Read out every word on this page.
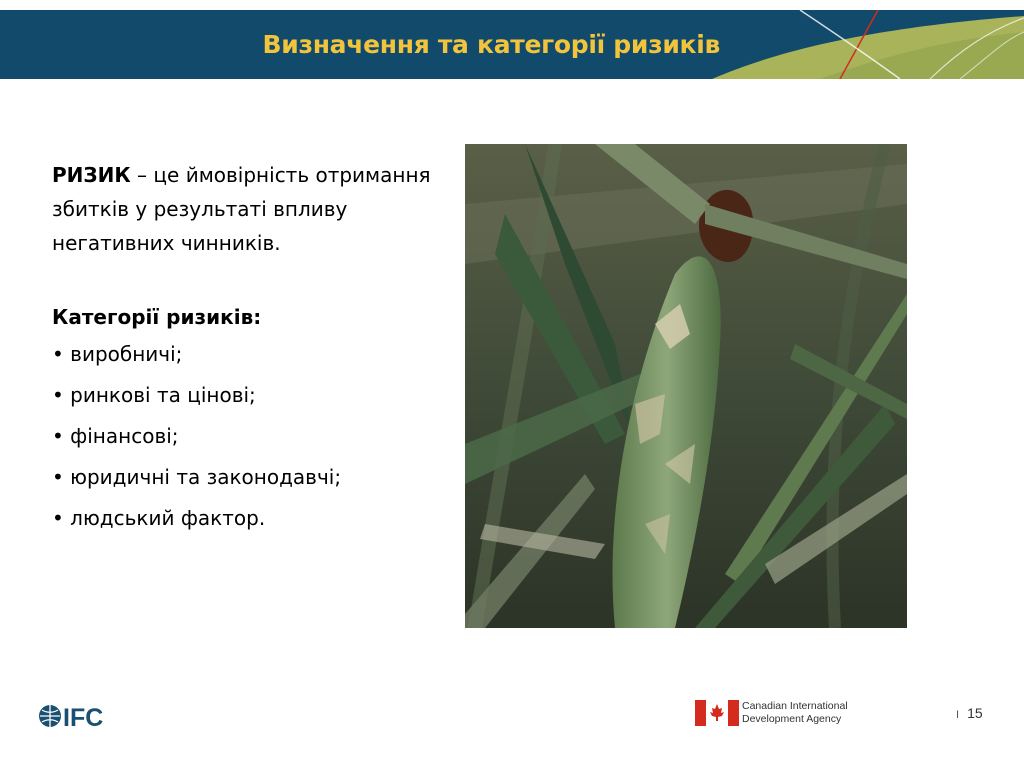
Визначення та категорії ризиків
РИЗИК – це ймовірність отримання збитків у результаті впливу негативних чинників.
Категорії ризиків:
• виробничі;
• ринкові та цінові;
• фінансові;
• юридичні та законодавчі;
• людський фактор.
IFC	Canadian International
Development Agency	I 15
